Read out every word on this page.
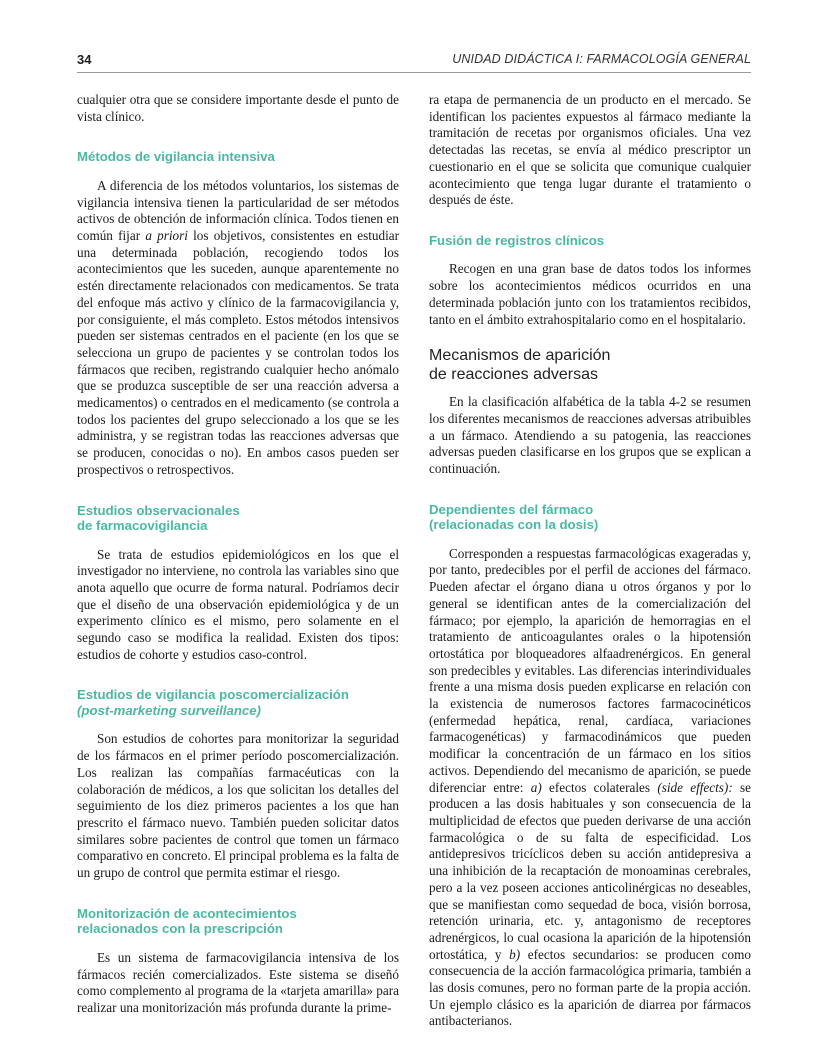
34	UNIDAD DIDÁCTICA I: FARMACOLOGÍA GENERAL

cualquier otra que se considere importante desde el punto de vista clínico.

Métodos de vigilancia intensiva

A diferencia de los métodos voluntarios, los sistemas de vigilancia intensiva tienen la particularidad de ser métodos activos de obtención de información clínica. Todos tienen en común fijar a priori los objetivos, consistentes en estudiar una determinada población, recogiendo todos los acontecimientos que les suceden, aunque aparentemente no estén directamente relacionados con medicamentos. Se trata del enfoque más activo y clínico de la farmacovigilancia y, por consiguiente, el más completo. Estos métodos intensivos pueden ser sistemas centrados en el paciente (en los que se selecciona un grupo de pacientes y se controlan todos los fármacos que reciben, registrando cualquier hecho anómalo que se produzca susceptible de ser una reacción adversa a medicamentos) o centrados en el medicamento (se controla a todos los pacientes del grupo seleccionado a los que se les administra, y se registran todas las reacciones adversas que se producen, conocidas o no). En ambos casos pueden ser prospectivos o retrospectivos.

Estudios observacionales
de farmacovigilancia

Se trata de estudios epidemiológicos en los que el investigador no interviene, no controla las variables sino que anota aquello que ocurre de forma natural. Podríamos decir que el diseño de una observación epidemiológica y de un experimento clínico es el mismo, pero solamente en el segundo caso se modifica la realidad. Existen dos tipos: estudios de cohorte y estudios caso-control.

Estudios de vigilancia poscomercialización
(post-marketing surveillance)

Son estudios de cohortes para monitorizar la seguridad de los fármacos en el primer período poscomercialización. Los realizan las compañías farmacéuticas con la colaboración de médicos, a los que solicitan los detalles del seguimiento de los diez primeros pacientes a los que han prescrito el fármaco nuevo. También pueden solicitar datos similares sobre pacientes de control que tomen un fármaco comparativo en concreto. El principal problema es la falta de un grupo de control que permita estimar el riesgo.

Monitorización de acontecimientos
relacionados con la prescripción

Es un sistema de farmacovigilancia intensiva de los fármacos recién comercializados. Este sistema se diseñó como complemento al programa de la «tarjeta amarilla» para realizar una monitorización más profunda durante la prime-

ra etapa de permanencia de un producto en el mercado. Se identifican los pacientes expuestos al fármaco mediante la tramitación de recetas por organismos oficiales. Una vez detectadas las recetas, se envía al médico prescriptor un cuestionario en el que se solicita que comunique cualquier acontecimiento que tenga lugar durante el tratamiento o después de éste.

Fusión de registros clínicos

Recogen en una gran base de datos todos los informes sobre los acontecimientos médicos ocurridos en una determinada población junto con los tratamientos recibidos, tanto en el ámbito extrahospitalario como en el hospitalario.

Mecanismos de aparición
de reacciones adversas

En la clasificación alfabética de la tabla 4-2 se resumen los diferentes mecanismos de reacciones adversas atribuibles a un fármaco. Atendiendo a su patogenia, las reacciones adversas pueden clasificarse en los grupos que se explican a continuación.

Dependientes del fármaco
(relacionadas con la dosis)

Corresponden a respuestas farmacológicas exageradas y, por tanto, predecibles por el perfil de acciones del fármaco. Pueden afectar el órgano diana u otros órganos y por lo general se identifican antes de la comercialización del fármaco; por ejemplo, la aparición de hemorragias en el tratamiento de anticoagulantes orales o la hipotensión ortostática por bloqueadores alfaadrenérgicos. En general son predecibles y evitables. Las diferencias interindividuales frente a una misma dosis pueden explicarse en relación con la existencia de numerosos factores farmacocinéticos (enfermedad hepática, renal, cardíaca, variaciones farmacogenéticas) y farmacodinámicos que pueden modificar la concentración de un fármaco en los sitios activos. Dependiendo del mecanismo de aparición, se puede diferenciar entre: a) efectos colaterales (side effects): se producen a las dosis habituales y son consecuencia de la multiplicidad de efectos que pueden derivarse de una acción farmacológica o de su falta de especificidad. Los antidepresivos tricíclicos deben su acción antidepresiva a una inhibición de la recaptación de monoaminas cerebrales, pero a la vez poseen acciones anticolinérgicas no deseables, que se manifiestan como sequedad de boca, visión borrosa, retención urinaria, etc. y, antagonismo de receptores adrenérgicos, lo cual ocasiona la aparición de la hipotensión ortostática, y b) efectos secundarios: se producen como consecuencia de la acción farmacológica primaria, también a las dosis comunes, pero no forman parte de la propia acción. Un ejemplo clásico es la aparición de diarrea por fármacos antibacterianos.
